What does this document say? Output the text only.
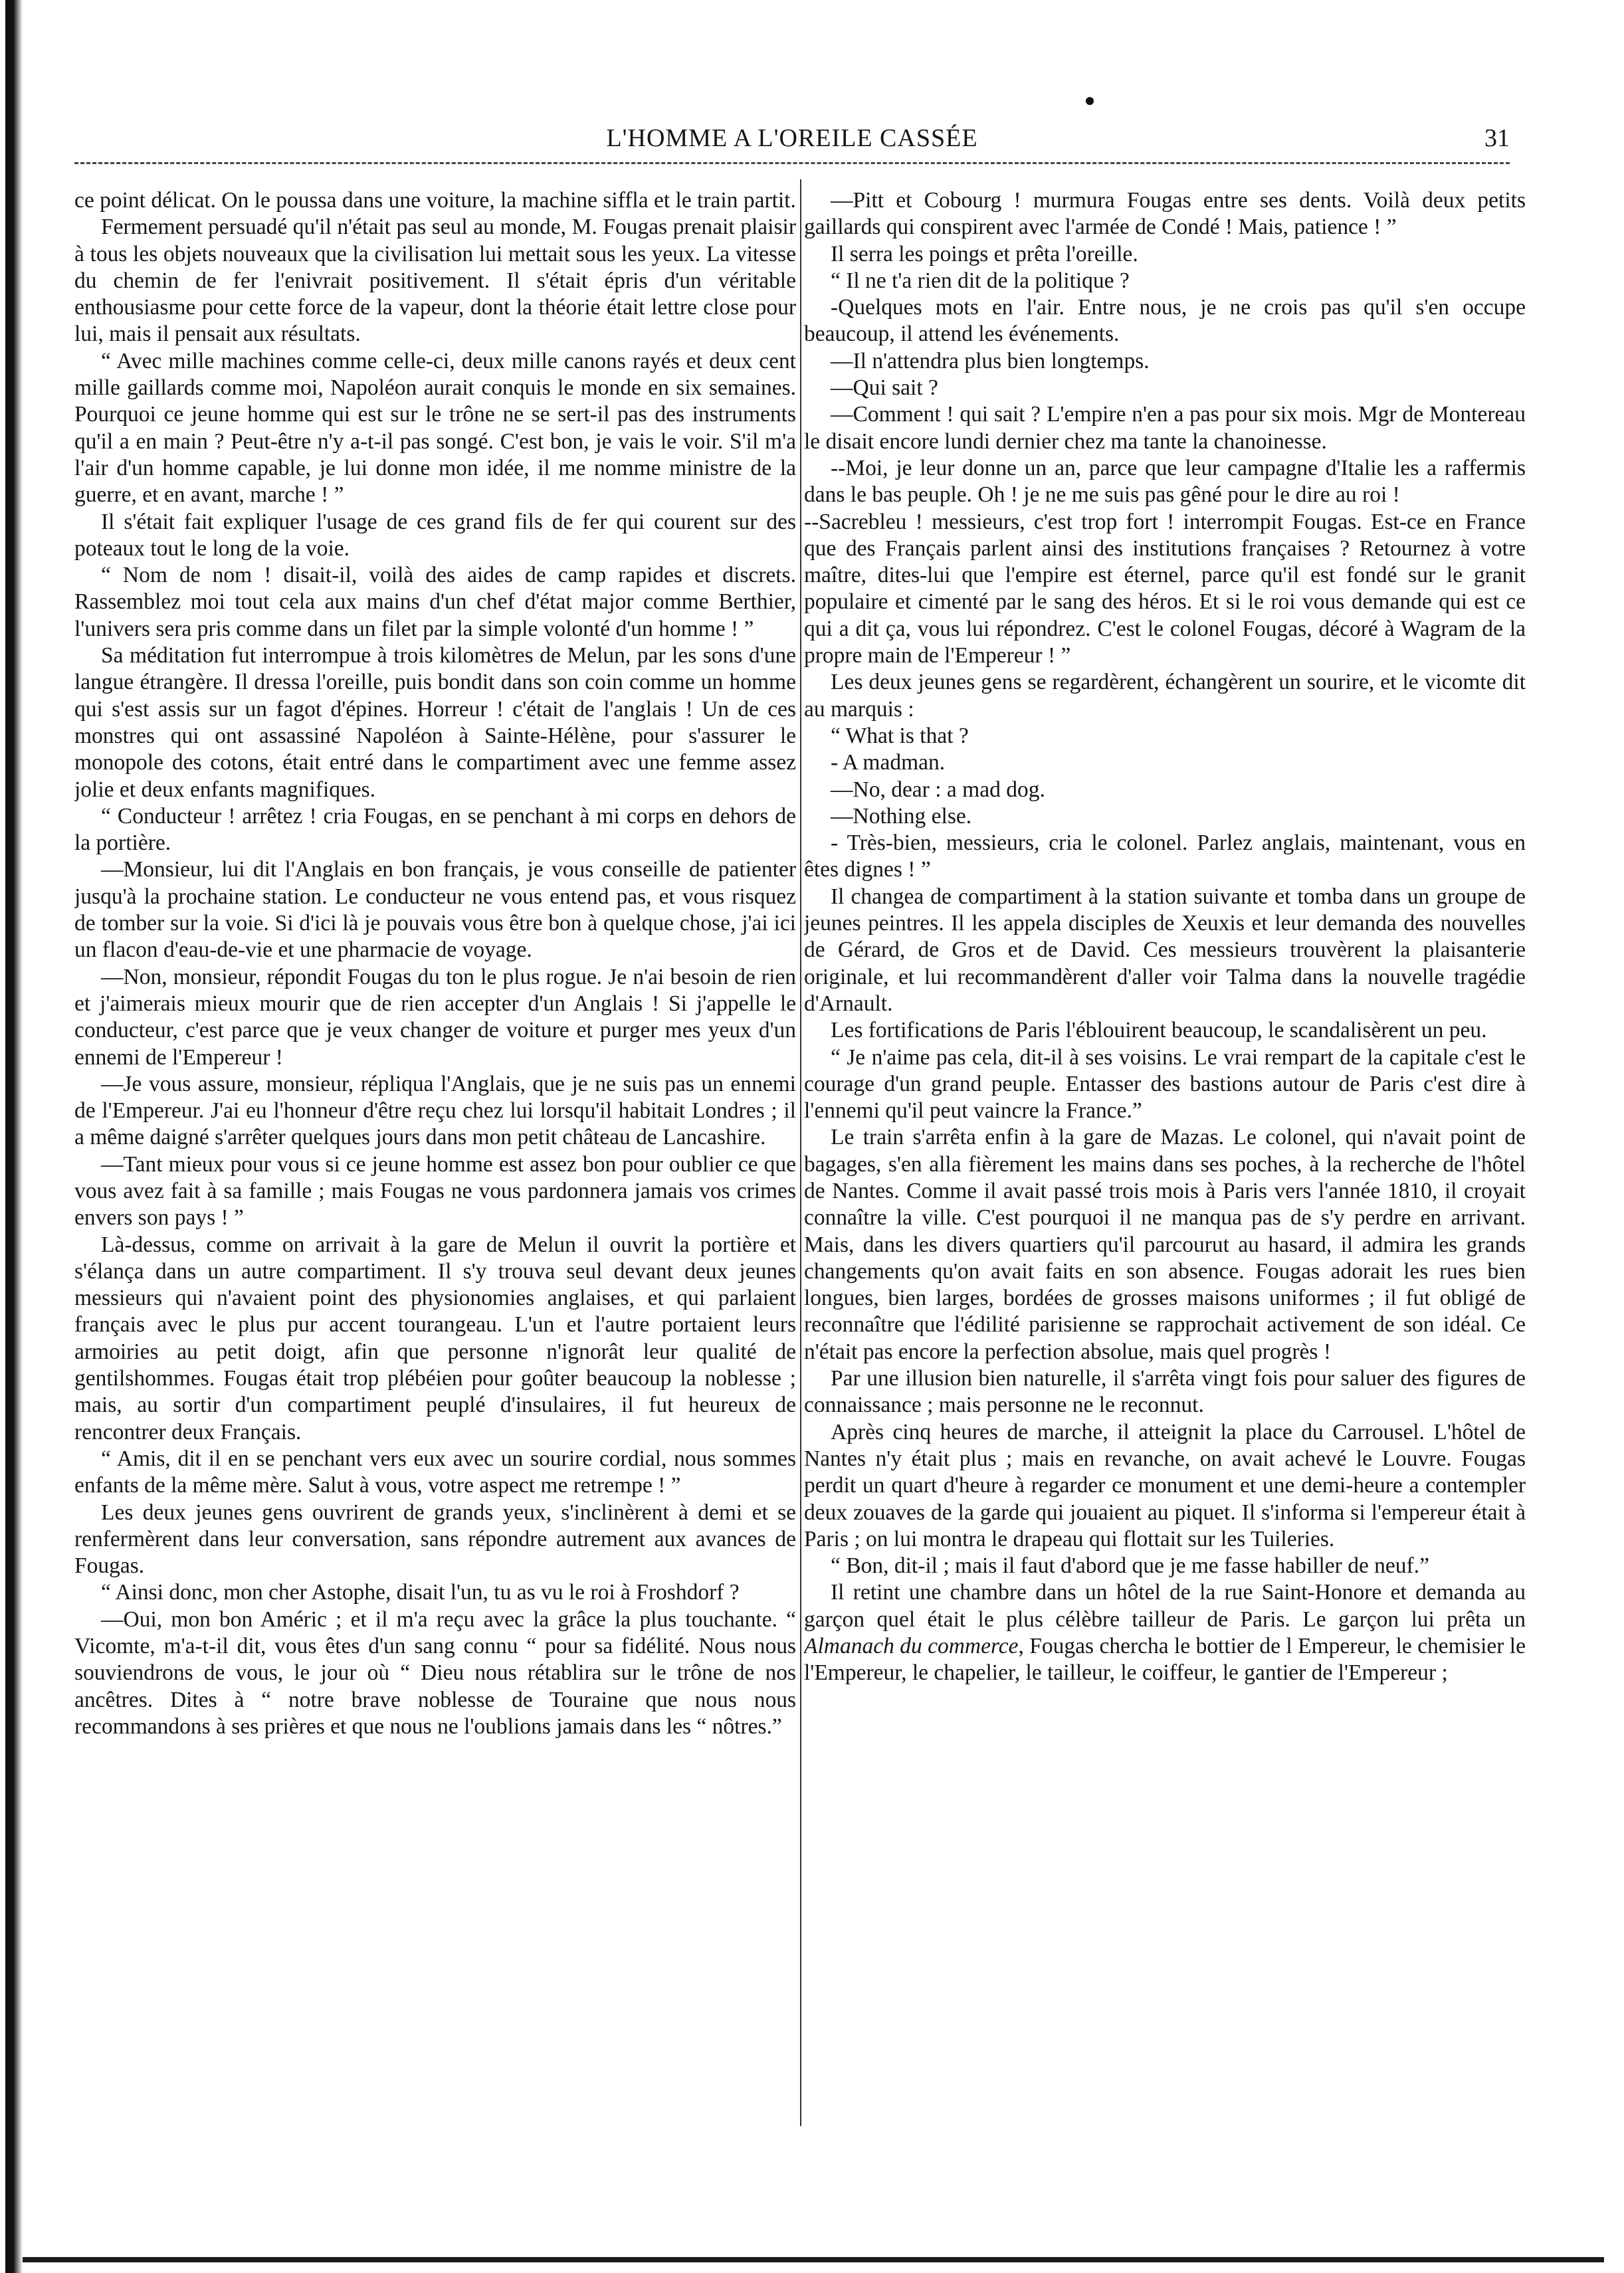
L'HOMME A L'OREILE CASSÉE	31

ce point délicat. On le poussa dans une voiture, la machine siffla et le train partit.

Fermement persuadé qu'il n'était pas seul au monde, M. Fougas prenait plaisir à tous les objets nouveaux que la civilisation lui mettait sous les yeux. La vitesse du chemin de fer l'enivrait positivement. Il s'était épris d'un véritable enthousiasme pour cette force de la vapeur, dont la théorie était lettre close pour lui, mais il pensait aux résultats.

“ Avec mille machines comme celle-ci, deux mille canons rayés et deux cent mille gaillards comme moi, Napoléon aurait conquis le monde en six semaines. Pourquoi ce jeune homme qui est sur le trône ne se sert-il pas des instruments qu'il a en main ? Peut-être n'y a-t-il pas songé. C'est bon, je vais le voir. S'il m'a l'air d'un homme capable, je lui donne mon idée, il me nomme ministre de la guerre, et en avant, marche ! ”

Il s'était fait expliquer l'usage de ces grand fils de fer qui courent sur des poteaux tout le long de la voie.

“ Nom de nom ! disait-il, voilà des aides de camp rapides et discrets. Rassemblez moi tout cela aux mains d'un chef d'état major comme Berthier, l'univers sera pris comme dans un filet par la simple volonté d'un homme ! ”

Sa méditation fut interrompue à trois kilomètres de Melun, par les sons d'une langue étrangère. Il dressa l'oreille, puis bondit dans son coin comme un homme qui s'est assis sur un fagot d'épines. Horreur ! c'était de l'anglais ! Un de ces monstres qui ont assassiné Napoléon à Sainte-Hélène, pour s'assurer le monopole des cotons, était entré dans le compartiment avec une femme assez jolie et deux enfants magnifiques.

“ Conducteur ! arrêtez ! cria Fougas, en se penchant à mi corps en dehors de la portière.

—Monsieur, lui dit l'Anglais en bon français, je vous conseille de patienter jusqu'à la prochaine station. Le conducteur ne vous entend pas, et vous risquez de tomber sur la voie. Si d'ici là je pouvais vous être bon à quelque chose, j'ai ici un flacon d'eau-de-vie et une pharmacie de voyage.

—Non, monsieur, répondit Fougas du ton le plus rogue. Je n'ai besoin de rien et j'aimerais mieux mourir que de rien accepter d'un Anglais ! Si j'appelle le conducteur, c'est parce que je veux changer de voiture et purger mes yeux d'un ennemi de l'Empereur !

—Je vous assure, monsieur, répliqua l'Anglais, que je ne suis pas un ennemi de l'Empereur. J'ai eu l'honneur d'être reçu chez lui lorsqu'il habitait Londres ; il a même daigné s'arrêter quelques jours dans mon petit château de Lancashire.

—Tant mieux pour vous si ce jeune homme est assez bon pour oublier ce que vous avez fait à sa famille ; mais Fougas ne vous pardonnera jamais vos crimes envers son pays ! ”

Là-dessus, comme on arrivait à la gare de Melun il ouvrit la portière et s'élança dans un autre compartiment. Il s'y trouva seul devant deux jeunes messieurs qui n'avaient point des physionomies anglaises, et qui parlaient français avec le plus pur accent tourangeau. L'un et l'autre portaient leurs armoiries au petit doigt, afin que personne n'ignorât leur qualité de gentilshommes. Fougas était trop plébéien pour goûter beaucoup la noblesse ; mais, au sortir d'un compartiment peuplé d'insulaires, il fut heureux de rencontrer deux Français.

“ Amis, dit il en se penchant vers eux avec un sourire cordial, nous sommes enfants de la même mère. Salut à vous, votre aspect me retrempe ! ”

Les deux jeunes gens ouvrirent de grands yeux, s'inclinèrent à demi et se renfermèrent dans leur conversation, sans répondre autrement aux avances de Fougas.

“ Ainsi donc, mon cher Astophe, disait l'un, tu as vu le roi à Froshdorf ?

—Oui, mon bon Améric ; et il m'a reçu avec la grâce la plus touchante. “ Vicomte, m'a-t-il dit, vous êtes d'un sang connu “ pour sa fidélité. Nous nous souviendrons de vous, le jour où “ Dieu nous rétablira sur le trône de nos ancêtres. Dites à “ notre brave noblesse de Touraine que nous nous recommandons à ses prières et que nous ne l'oublions jamais dans les “ nôtres.”

—Pitt et Cobourg ! murmura Fougas entre ses dents. Voilà deux petits gaillards qui conspirent avec l'armée de Condé ! Mais, patience ! ”

Il serra les poings et prêta l'oreille.

“ Il ne t'a rien dit de la politique ?

-Quelques mots en l'air. Entre nous, je ne crois pas qu'il s'en occupe beaucoup, il attend les événements.

—Il n'attendra plus bien longtemps.

—Qui sait ?

—Comment ! qui sait ? L'empire n'en a pas pour six mois. Mgr de Montereau le disait encore lundi dernier chez ma tante la chanoinesse.

--Moi, je leur donne un an, parce que leur campagne d'Italie les a raffermis dans le bas peuple. Oh ! je ne me suis pas gêné pour le dire au roi !

--Sacrebleu ! messieurs, c'est trop fort ! interrompit Fougas. Est-ce en France que des Français parlent ainsi des institutions françaises ? Retournez à votre maître, dites-lui que l'empire est éternel, parce qu'il est fondé sur le granit populaire et cimenté par le sang des héros. Et si le roi vous demande qui est ce qui a dit ça, vous lui répondrez. C'est le colonel Fougas, décoré à Wagram de la propre main de l'Empereur ! ”

Les deux jeunes gens se regardèrent, échangèrent un sourire, et le vicomte dit au marquis :

“ What is that ?

- A madman.

—No, dear : a mad dog.

—Nothing else.

- Très-bien, messieurs, cria le colonel. Parlez anglais, maintenant, vous en êtes dignes ! ”

Il changea de compartiment à la station suivante et tomba dans un groupe de jeunes peintres. Il les appela disciples de Xeuxis et leur demanda des nouvelles de Gérard, de Gros et de David. Ces messieurs trouvèrent la plaisanterie originale, et lui recommandèrent d'aller voir Talma dans la nouvelle tragédie d'Arnault.

Les fortifications de Paris l'éblouirent beaucoup, le scandalisèrent un peu.

“ Je n'aime pas cela, dit-il à ses voisins. Le vrai rempart de la capitale c'est le courage d'un grand peuple. Entasser des bastions autour de Paris c'est dire à l'ennemi qu'il peut vaincre la France.”

Le train s'arrêta enfin à la gare de Mazas. Le colonel, qui n'avait point de bagages, s'en alla fièrement les mains dans ses poches, à la recherche de l'hôtel de Nantes. Comme il avait passé trois mois à Paris vers l'année 1810, il croyait connaître la ville. C'est pourquoi il ne manqua pas de s'y perdre en arrivant. Mais, dans les divers quartiers qu'il parcourut au hasard, il admira les grands changements qu'on avait faits en son absence. Fougas adorait les rues bien longues, bien larges, bordées de grosses maisons uniformes ; il fut obligé de reconnaître que l'édilité parisienne se rapprochait activement de son idéal. Ce n'était pas encore la perfection absolue, mais quel progrès !

Par une illusion bien naturelle, il s'arrêta vingt fois pour saluer des figures de connaissance ; mais personne ne le reconnut.

Après cinq heures de marche, il atteignit la place du Carrousel. L'hôtel de Nantes n'y était plus ; mais en revanche, on avait achevé le Louvre. Fougas perdit un quart d'heure à regarder ce monument et une demi-heure a contempler deux zouaves de la garde qui jouaient au piquet. Il s'informa si l'empereur était à Paris ; on lui montra le drapeau qui flottait sur les Tuileries.

“ Bon, dit-il ; mais il faut d'abord que je me fasse habiller de neuf.”

Il retint une chambre dans un hôtel de la rue Saint-Honore et demanda au garçon quel était le plus célèbre tailleur de Paris. Le garçon lui prêta un Almanach du commerce, Fougas chercha le bottier de l Empereur, le chemisier le l'Empereur, le chapelier, le tailleur, le coiffeur, le gantier de l'Empereur ;
